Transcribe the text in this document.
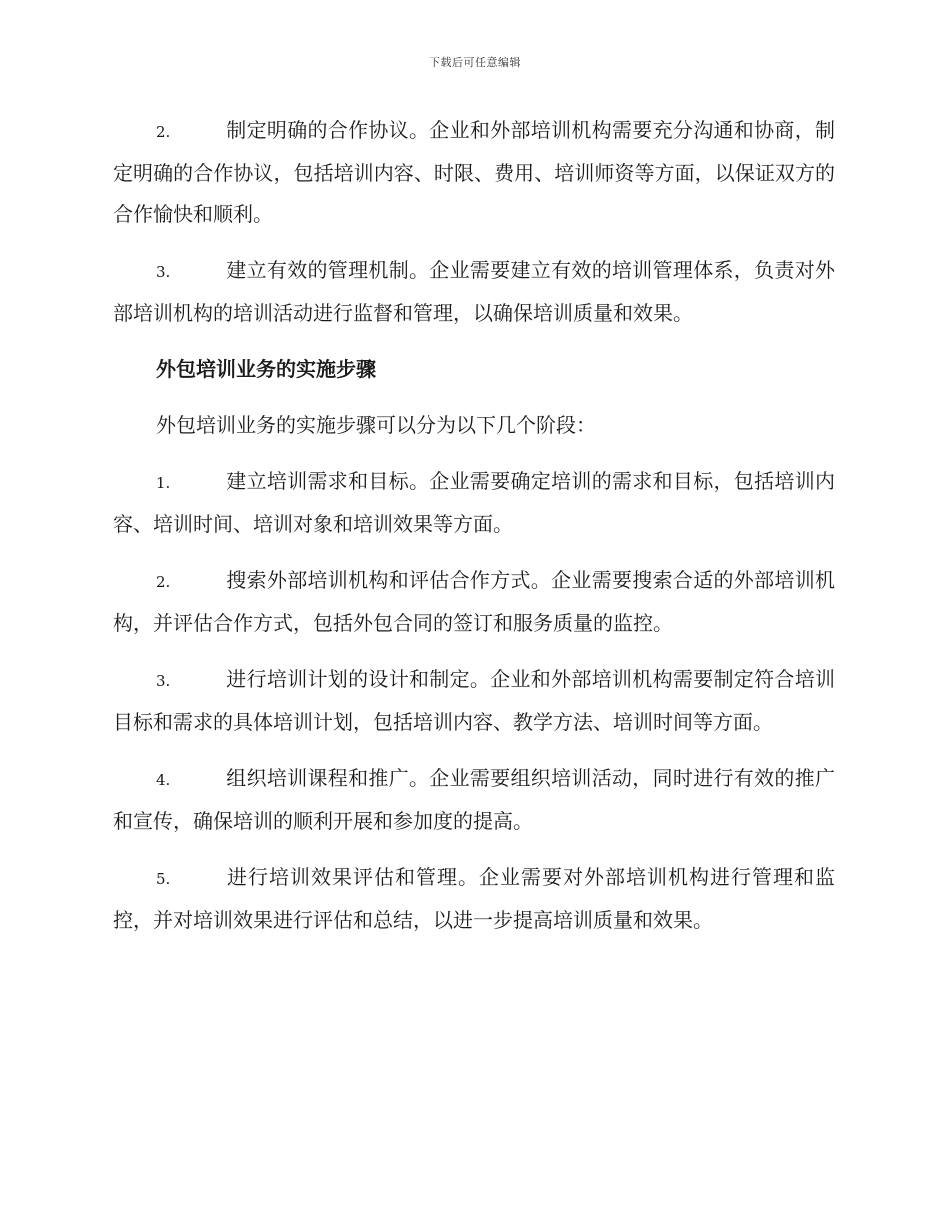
下载后可任意编辑

2.	制定明确的合作协议。企业和外部培训机构需要充分沟通和协商，制定明确的合作协议，包括培训内容、时限、费用、培训师资等方面，以保证双方的合作愉快和顺利。

3.	建立有效的管理机制。企业需要建立有效的培训管理体系，负责对外部培训机构的培训活动进行监督和管理，以确保培训质量和效果。

外包培训业务的实施步骤

外包培训业务的实施步骤可以分为以下几个阶段：

1.	建立培训需求和目标。企业需要确定培训的需求和目标，包括培训内容、培训时间、培训对象和培训效果等方面。

2.	搜索外部培训机构和评估合作方式。企业需要搜索合适的外部培训机构，并评估合作方式，包括外包合同的签订和服务质量的监控。

3.	进行培训计划的设计和制定。企业和外部培训机构需要制定符合培训目标和需求的具体培训计划，包括培训内容、教学方法、培训时间等方面。

4.	组织培训课程和推广。企业需要组织培训活动，同时进行有效的推广和宣传，确保培训的顺利开展和参加度的提高。

5.	进行培训效果评估和管理。企业需要对外部培训机构进行管理和监控，并对培训效果进行评估和总结，以进一步提高培训质量和效果。
